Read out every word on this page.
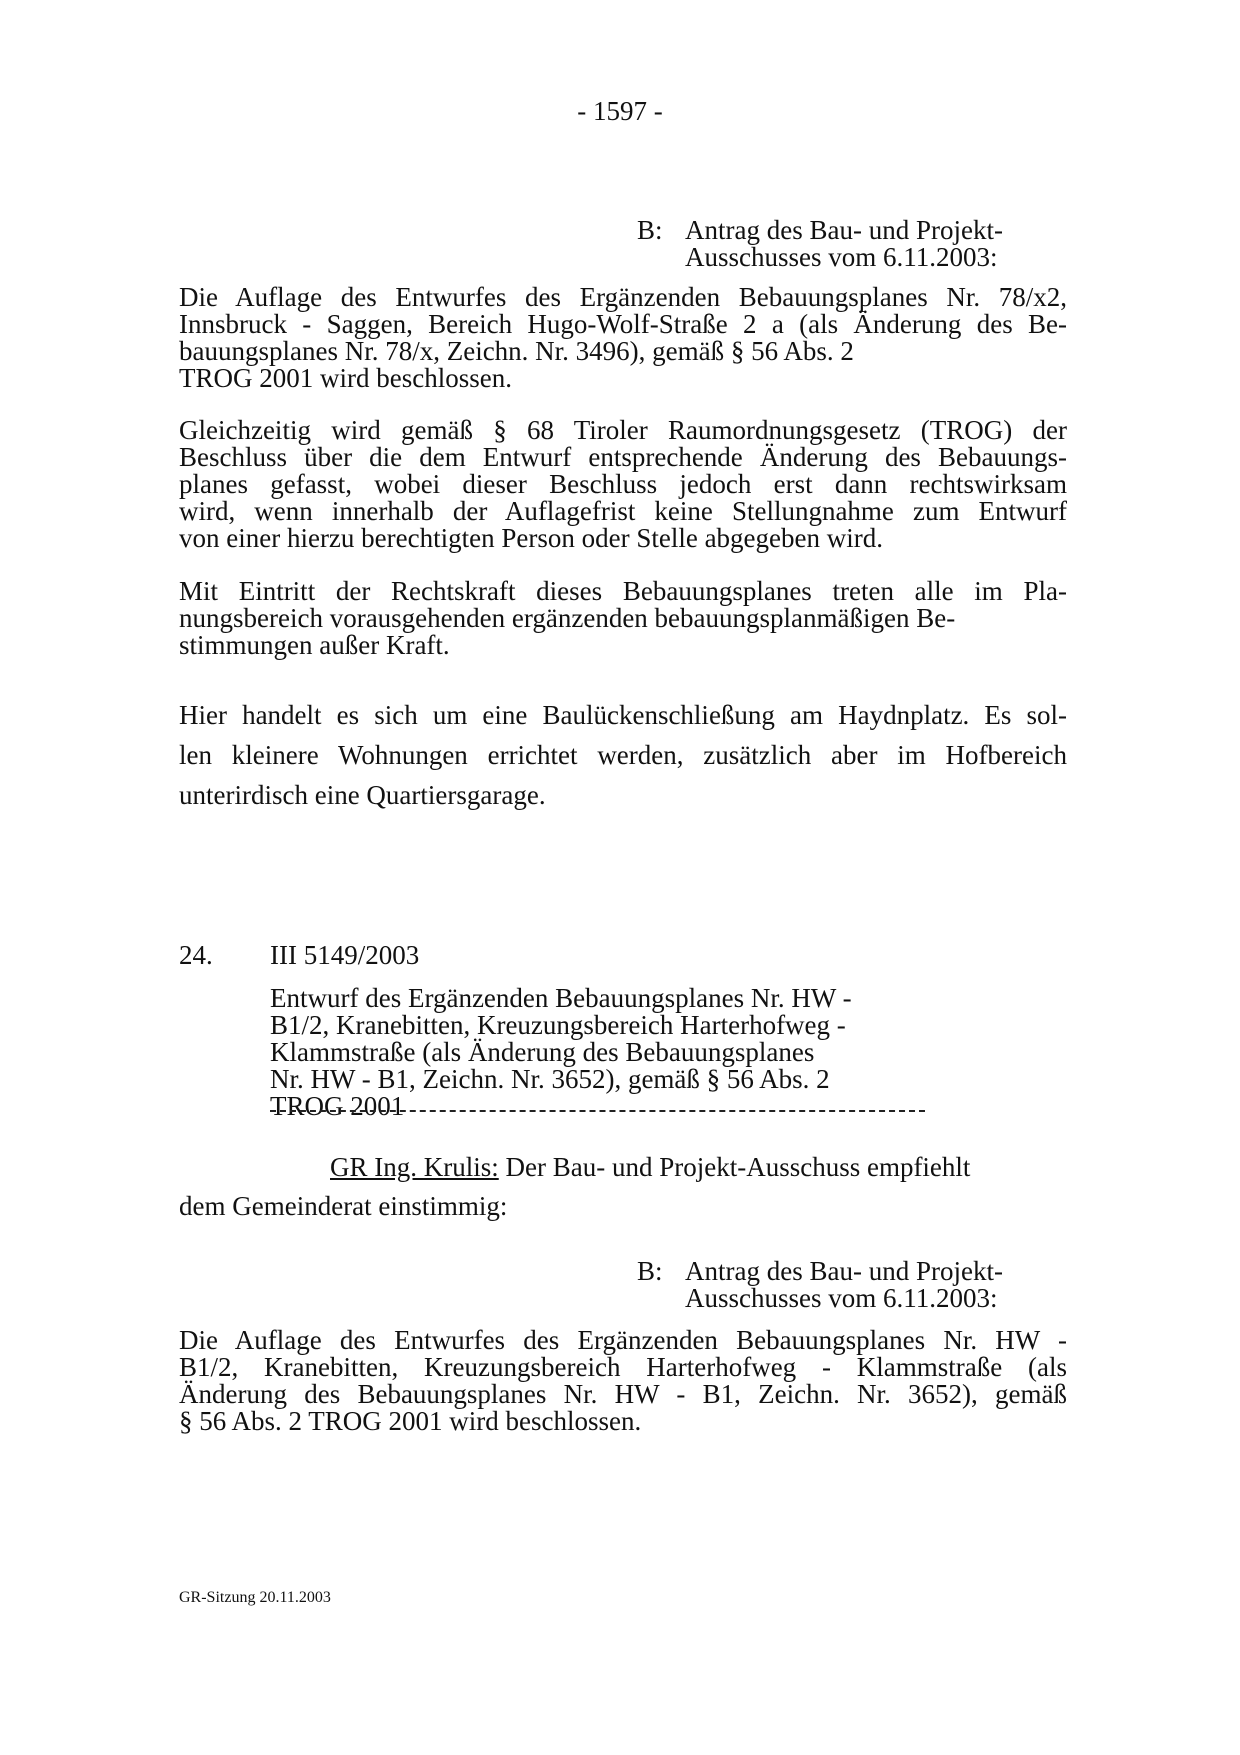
- 1597 -
B: Antrag des Bau- und Projekt-
Ausschusses vom 6.11.2003:
Die Auflage des Entwurfes des Ergänzenden Bebauungsplanes Nr. 78/x2,
Innsbruck - Saggen, Bereich Hugo-Wolf-Straße 2 a (als Änderung des Be-
bauungsplanes Nr. 78/x, Zeichn. Nr. 3496), gemäß § 56 Abs. 2
TROG 2001 wird beschlossen.
Gleichzeitig wird gemäß § 68 Tiroler Raumordnungsgesetz (TROG) der
Beschluss über die dem Entwurf entsprechende Änderung des Bebauungs-
planes gefasst, wobei dieser Beschluss jedoch erst dann rechtswirksam
wird, wenn innerhalb der Auflagefrist keine Stellungnahme zum Entwurf
von einer hierzu berechtigten Person oder Stelle abgegeben wird.
Mit Eintritt der Rechtskraft dieses Bebauungsplanes treten alle im Pla-
nungsbereich vorausgehenden ergänzenden bebauungsplanmäßigen Be-
stimmungen außer Kraft.
Hier handelt es sich um eine Baulückenschließung am Haydnplatz. Es sol-
len kleinere Wohnungen errichtet werden, zusätzlich aber im Hofbereich
unterirdisch eine Quartiersgarage.
24. III 5149/2003
Entwurf des Ergänzenden Bebauungsplanes Nr. HW -
B1/2, Kranebitten, Kreuzungsbereich Harterhofweg -
Klammstraße (als Änderung des Bebauungsplanes
Nr. HW - B1, Zeichn. Nr. 3652), gemäß § 56 Abs. 2
TROG 2001
GR Ing. Krulis: Der Bau- und Projekt-Ausschuss empfiehlt
dem Gemeinderat einstimmig:
B: Antrag des Bau- und Projekt-
Ausschusses vom 6.11.2003:
Die Auflage des Entwurfes des Ergänzenden Bebauungsplanes Nr. HW -
B1/2, Kranebitten, Kreuzungsbereich Harterhofweg - Klammstraße (als
Änderung des Bebauungsplanes Nr. HW - B1, Zeichn. Nr. 3652), gemäß
§ 56 Abs. 2 TROG 2001 wird beschlossen.
GR-Sitzung 20.11.2003
